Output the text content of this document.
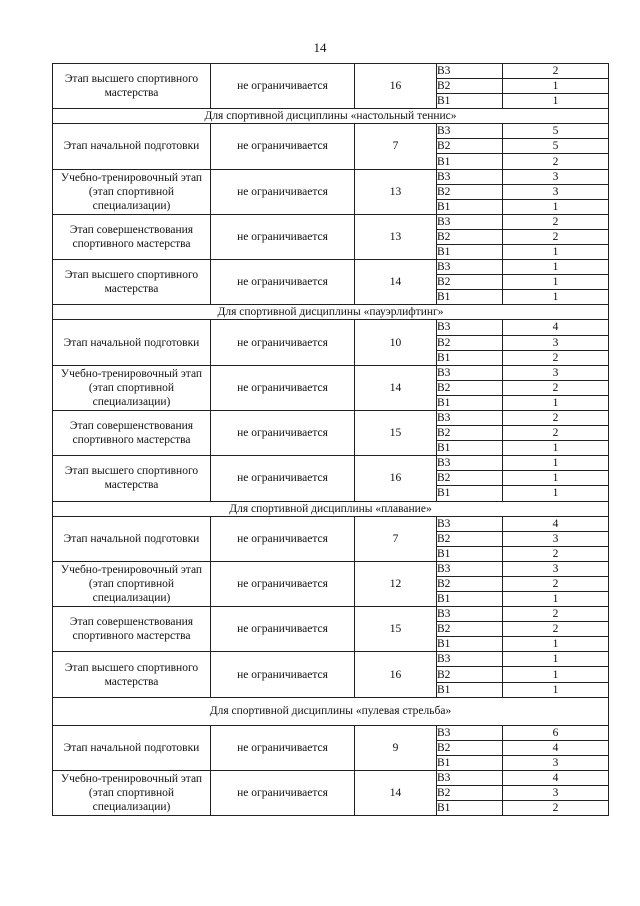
14
Этап высшего спортивного мастерства	не ограничивается	16	В3	2
			В2	1
			В1	1
Для спортивной дисциплины «настольный теннис»				
Этап начальной подготовки	не ограничивается	7	В3	5
			В2	5
			В1	2
Учебно-тренировочный этап (этап спортивной специализации)	не ограничивается	13	В3	3
			В2	3
			В1	1
Этап совершенствования спортивного мастерства	не ограничивается	13	В3	2
			В2	2
			В1	1
Этап высшего спортивного мастерства	не ограничивается	14	В3	1
			В2	1
			В1	1
Для спортивной дисциплины «пауэрлифтинг»				
Этап начальной подготовки	не ограничивается	10	В3	4
			В2	3
			В1	2
Учебно-тренировочный этап (этап спортивной специализации)	не ограничивается	14	В3	3
			В2	2
			В1	1
Этап совершенствования спортивного мастерства	не ограничивается	15	В3	2
			В2	2
			В1	1
Этап высшего спортивного мастерства	не ограничивается	16	В3	1
			В2	1
			В1	1
Для спортивной дисциплины «плавание»				
Этап начальной подготовки	не ограничивается	7	В3	4
			В2	3
			В1	2
Учебно-тренировочный этап (этап спортивной специализации)	не ограничивается	12	В3	3
			В2	2
			В1	1
Этап совершенствования спортивного мастерства	не ограничивается	15	В3	2
			В2	2
			В1	1
Этап высшего спортивного мастерства	не ограничивается	16	В3	1
			В2	1
			В1	1
Для спортивной дисциплины «пулевая стрельба»				
Этап начальной подготовки	не ограничивается	9	В3	6
			В2	4
			В1	3
Учебно-тренировочный этап (этап спортивной специализации)	не ограничивается	14	В3	4
			В2	3
			В1	2
